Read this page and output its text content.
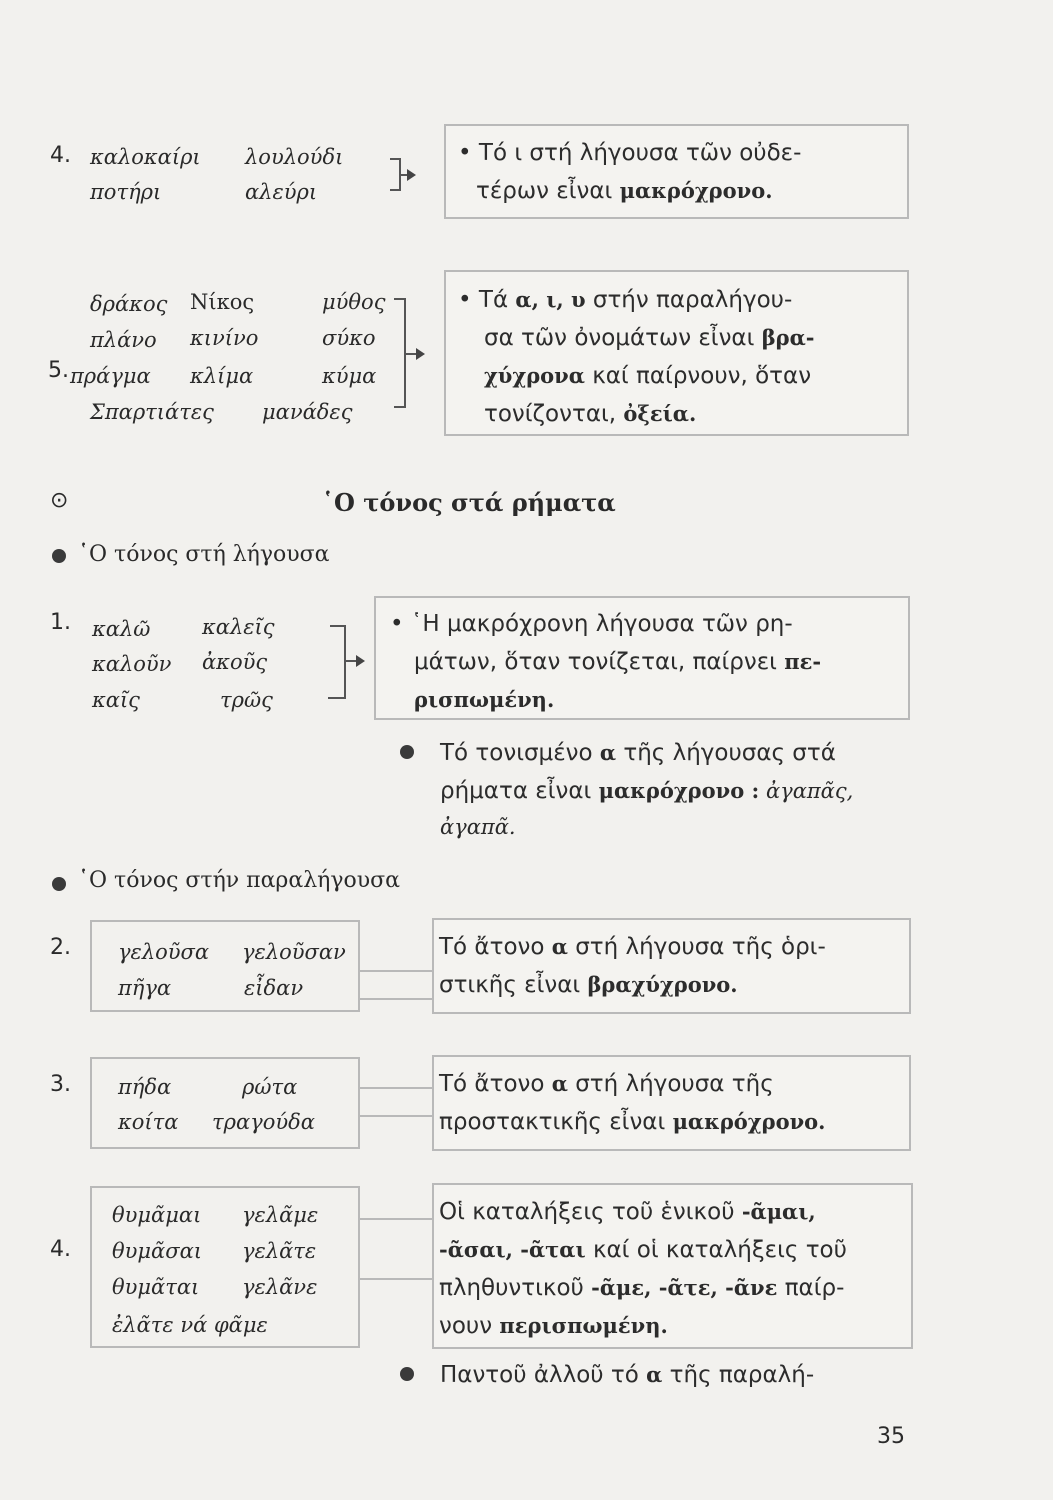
4. καλοκαίρι λουλούδι
ποτήρι	αλεύρι
• Τό ι στή λήγουσα τῶν οὐδε-
τέρων εἶναι μακρόχρονο.
δράκος Νίκος	μύθος
πλάνο κινίνο	σύκο
5. πράγμα κλίμα	κύμα
Σπαρτιάτες μανάδες
• Τά α, ι, υ στήν παραλήγου-
σα τῶν ὀνομάτων εἶναι βρα-
χύχρονα καί παίρνουν, ὅταν
τονίζονται, ὀξεία.
⊙	῾Ο τόνος στά ρήματα
῾Ο τόνος στή λήγουσα
1. καλῶ καλεῖς
καλοῦν ἀκοῦς
καῖς	τρῶς
• ῾Η μακρόχρονη λήγουσα τῶν ρη-
μάτων, ὅταν τονίζεται, παίρνει πε-
ρισπωμένη.
Τό τονισμένο α τῆς λήγουσας στά
ρήματα εἶναι μακρόχρονο : ἀγαπᾶς,
ἀγαπᾶ.
῾Ο τόνος στήν παραλήγουσα
2. γελοῦσα γελοῦσαν
πῆγα	εἶδαν
Τό ἄτονο α στή λήγουσα τῆς ὁρι-
στικῆς εἶναι βραχύχρονο.
3. πήδα	ρώτα
κοίτα τραγούδα
Τό ἄτονο α στή λήγουσα τῆς
προστακτικῆς εἶναι μακρόχρονο.
4.
θυμᾶμαι γελᾶμε
θυμᾶσαι γελᾶτε
θυμᾶται γελᾶνε
ἐλᾶτε νά φᾶμε
Οἱ καταλήξεις τοῦ ἑνικοῦ -ᾶμαι,
-ᾶσαι, -ᾶται καί οἱ καταλήξεις τοῦ
πληθυντικοῦ -ᾶμε, -ᾶτε, -ᾶνε παίρ-
νουν περισπωμένη.
Παντοῦ ἀλλοῦ τό α τῆς παραλή-
35
